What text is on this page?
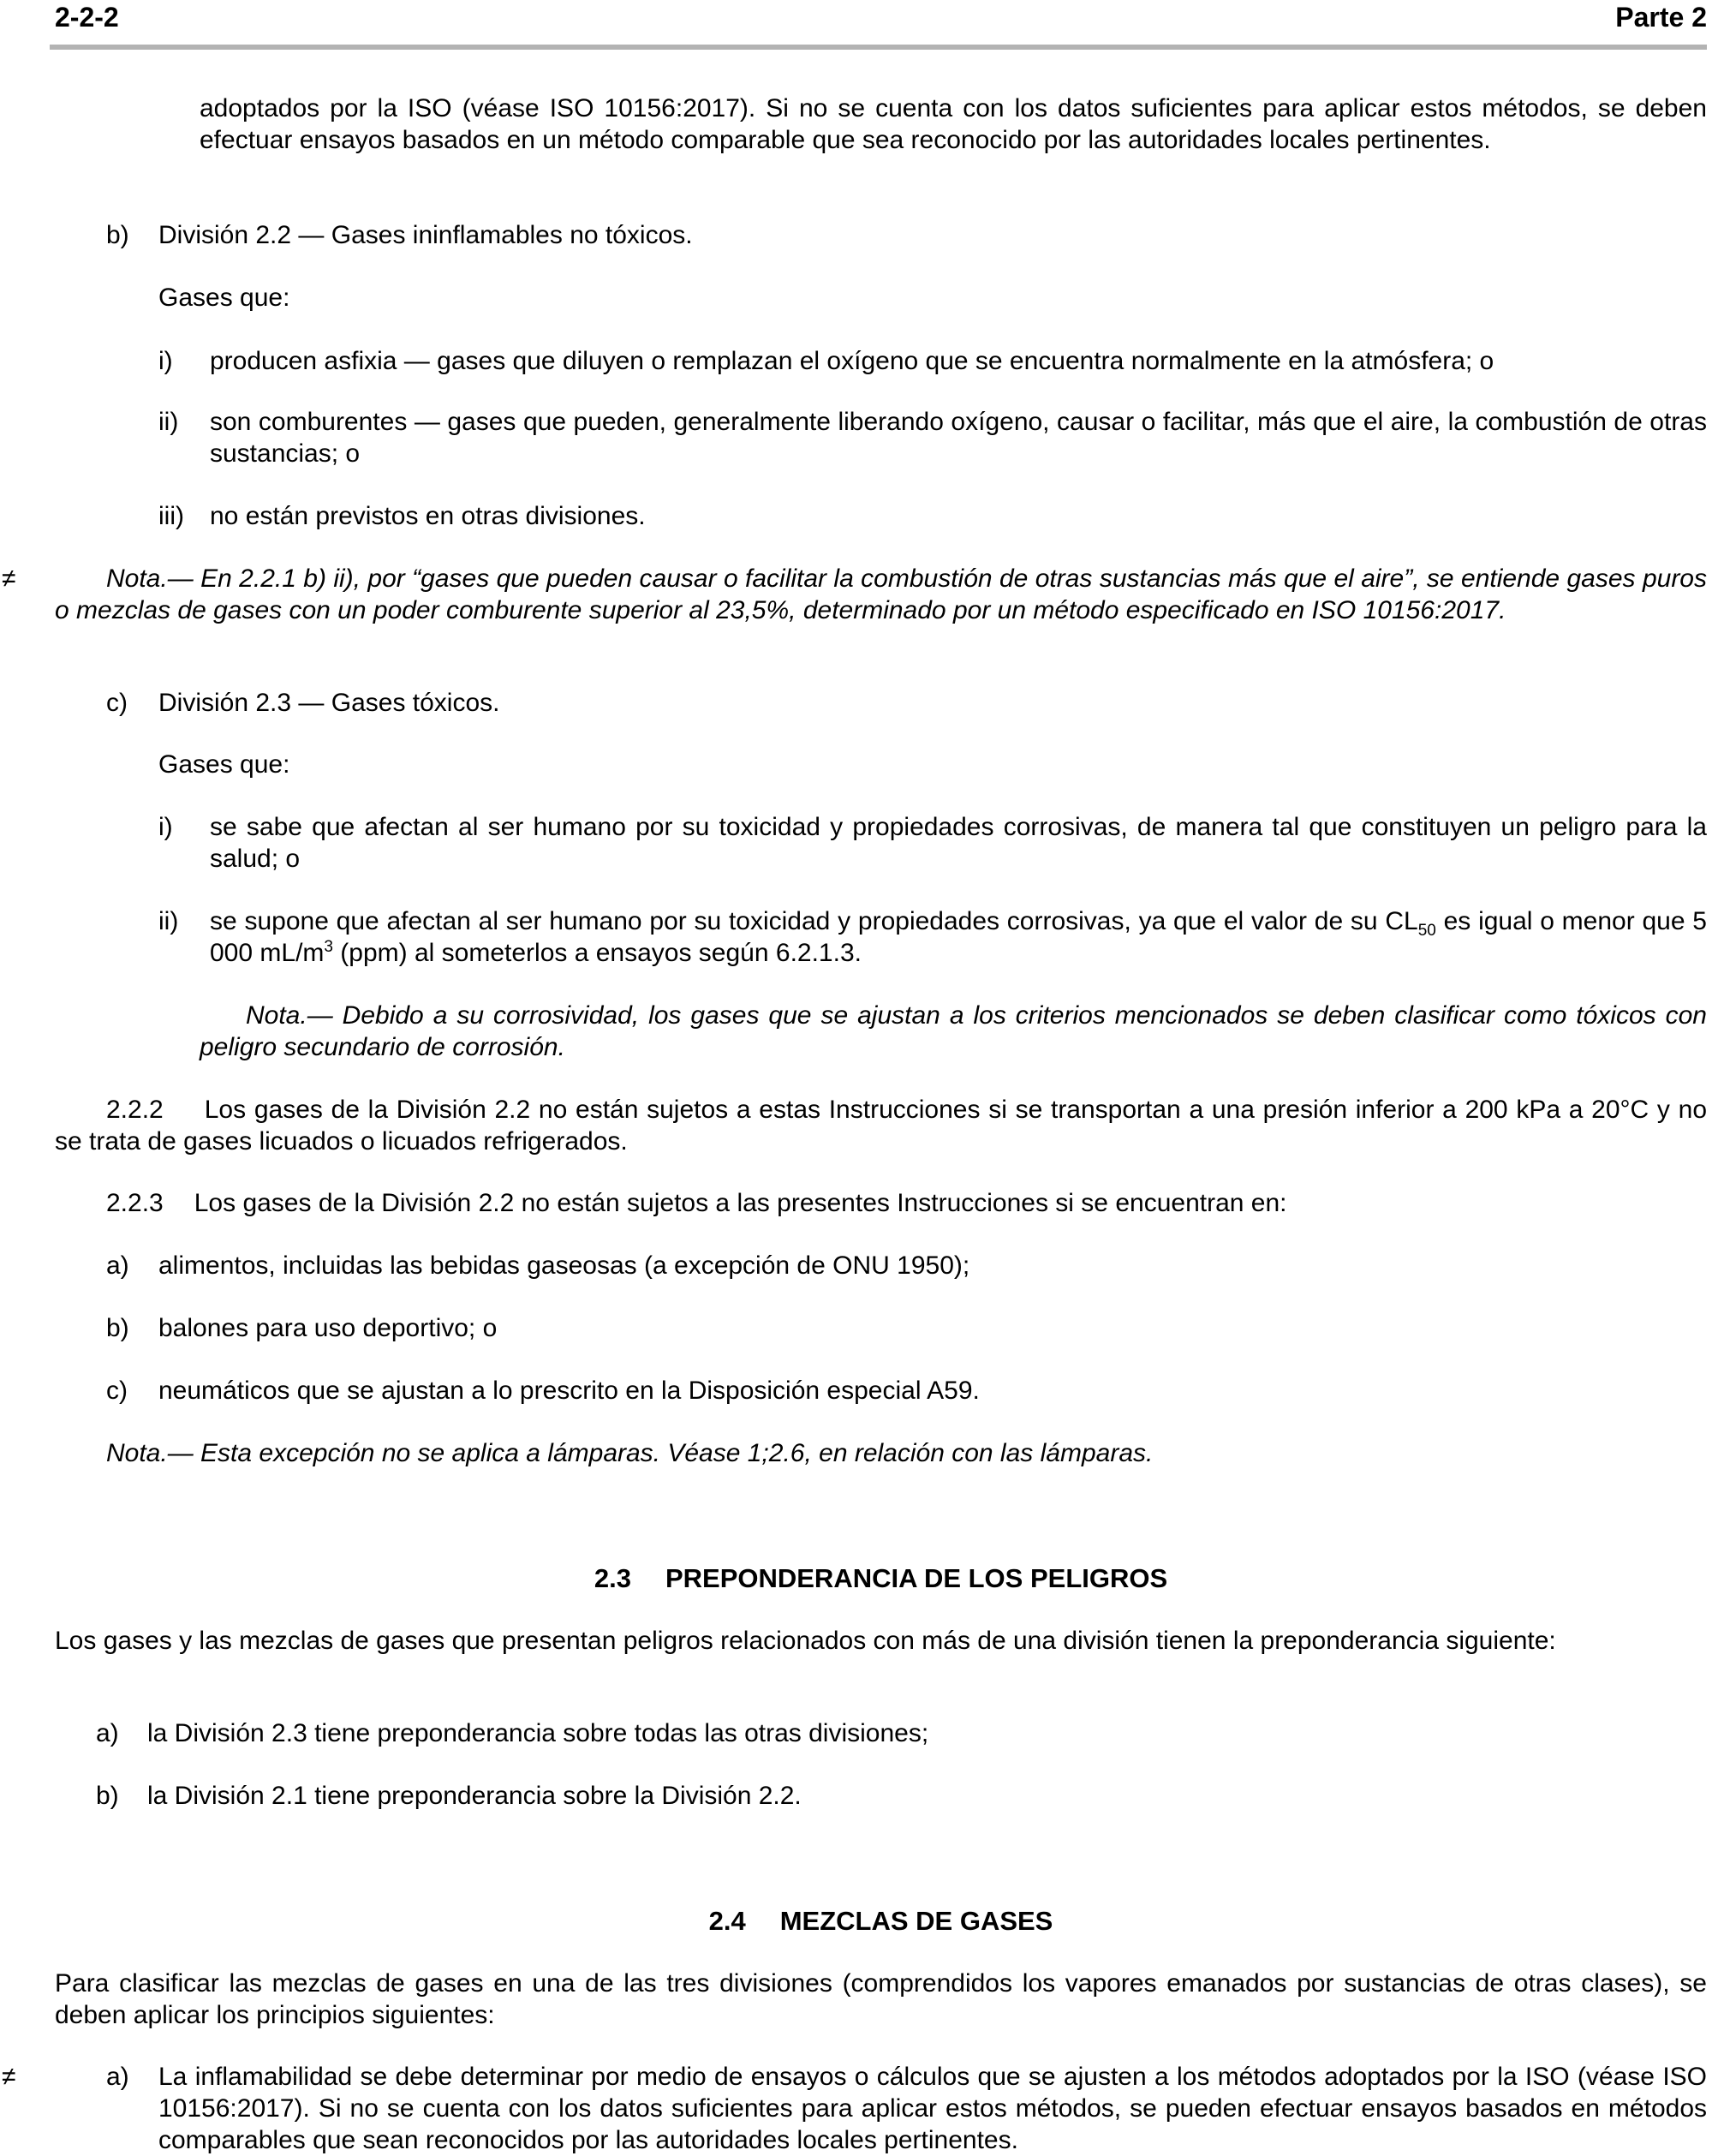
2-2-2	Parte 2
adoptados por la ISO (véase ISO 10156:2017). Si no se cuenta con los datos suficientes para aplicar estos métodos, se deben efectuar ensayos basados en un método comparable que sea reconocido por las autoridades locales pertinentes.
b) División 2.2 — Gases ininflamables no tóxicos.
Gases que:
i) producen asfixia — gases que diluyen o remplazan el oxígeno que se encuentra normalmente en la atmósfera; o
ii) son comburentes — gases que pueden, generalmente liberando oxígeno, causar o facilitar, más que el aire, la combustión de otras sustancias; o
iii) no están previstos en otras divisiones.
≠	Nota.— En 2.2.1 b) ii), por “gases que pueden causar o facilitar la combustión de otras sustancias más que el aire”, se entiende gases puros o mezclas de gases con un poder comburente superior al 23,5%, determinado por un método especificado en ISO 10156:2017.
c) División 2.3 — Gases tóxicos.
Gases que:
i) se sabe que afectan al ser humano por su toxicidad y propiedades corrosivas, de manera tal que constituyen un peligro para la salud; o
ii) se supone que afectan al ser humano por su toxicidad y propiedades corrosivas, ya que el valor de su $CL_{50}$ es igual o menor que 5 000 $mL/m^3$ (ppm) al someterlos a ensayos según 6.2.1.3.
Nota.— Debido a su corrosividad, los gases que se ajustan a los criterios mencionados se deben clasificar como tóxicos con peligro secundario de corrosión.
2.2.2 Los gases de la División 2.2 no están sujetos a estas Instrucciones si se transportan a una presión inferior a 200 kPa a 20°C y no se trata de gases licuados o licuados refrigerados.
2.2.3 Los gases de la División 2.2 no están sujetos a las presentes Instrucciones si se encuentran en:
a) alimentos, incluidas las bebidas gaseosas (a excepción de ONU 1950);
b) balones para uso deportivo; o
c) neumáticos que se ajustan a lo prescrito en la Disposición especial A59.
Nota.— Esta excepción no se aplica a lámparas. Véase 1;2.6, en relación con las lámparas.
2.3 PREPONDERANCIA DE LOS PELIGROS
Los gases y las mezclas de gases que presentan peligros relacionados con más de una división tienen la preponderancia siguiente:
a) la División 2.3 tiene preponderancia sobre todas las otras divisiones;
b) la División 2.1 tiene preponderancia sobre la División 2.2.
2.4 MEZCLAS DE GASES
Para clasificar las mezclas de gases en una de las tres divisiones (comprendidos los vapores emanados por sustancias de otras clases), se deben aplicar los principios siguientes:
≠	a) La inflamabilidad se debe determinar por medio de ensayos o cálculos que se ajusten a los métodos adoptados por la ISO (véase ISO 10156:2017). Si no se cuenta con los datos suficientes para aplicar estos métodos, se pueden efectuar ensayos basados en métodos comparables que sean reconocidos por las autoridades locales pertinentes.
